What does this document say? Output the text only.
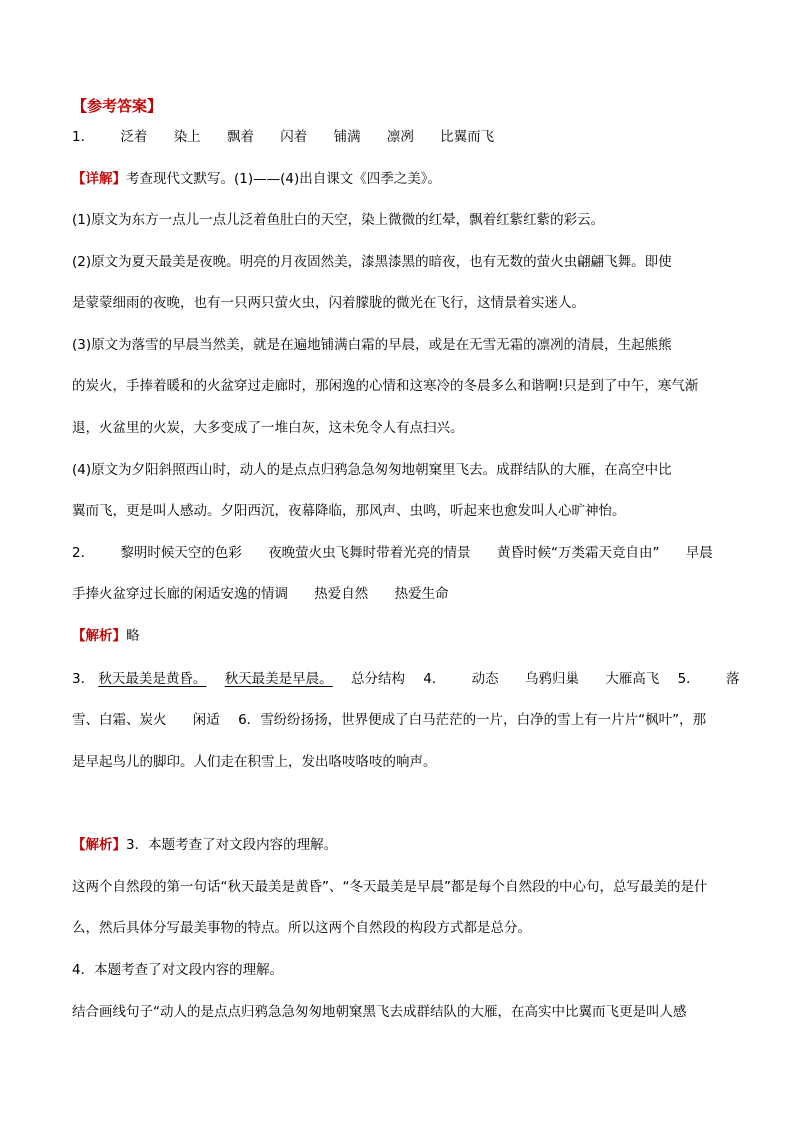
【参考答案】
1． 泛着 染上 飘着 闪着 铺满 凛冽 比翼而飞
【详解】考查现代文默写。(1)——(4)出自课文《四季之美》。
(1)原文为东方一点儿一点儿泛着鱼肚白的天空，染上微微的红晕，飘着红紫红紫的彩云。
(2)原文为夏天最美是夜晚。明亮的月夜固然美，漆黑漆黑的暗夜，也有无数的萤火虫翩翩飞舞。即使
是蒙蒙细雨的夜晚，也有一只两只萤火虫，闪着朦胧的微光在飞行，这情景着实迷人。
(3)原文为落雪的早晨当然美，就是在遍地铺满白霜的早晨，或是在无雪无霜的凛冽的清晨，生起熊熊
的炭火，手捧着暖和的火盆穿过走廊时，那闲逸的心情和这寒冷的冬晨多么和谐啊!只是到了中午，寒气渐
退，火盆里的火炭，大多变成了一堆白灰，这未免令人有点扫兴。
(4)原文为夕阳斜照西山时，动人的是点点归鸦急急匆匆地朝窠里飞去。成群结队的大雁，在高空中比
翼而飞，更是叫人感动。夕阳西沉，夜幕降临，那风声、虫鸣，听起来也愈发叫人心旷神怡。
2． 黎明时候天空的色彩 夜晚萤火虫飞舞时带着光亮的情景 黄昏时候“万类霜天竞自由” 早晨
手捧火盆穿过长廊的闲适安逸的情调 热爱自然 热爱生命
【解析】略
3． 秋天最美是黄昏。 秋天最美是早晨。 总分结构 4． 动态 乌鸦归巢 大雁高飞 5． 落
雪、白霜、炭火 闲适 6．雪纷纷扬扬，世界便成了白马茫茫的一片，白净的雪上有一片片“枫叶”，那
是早起鸟儿的脚印。人们走在积雪上，发出咯吱咯吱的响声。
【解析】3．本题考查了对文段内容的理解。
这两个自然段的第一句话“秋天最美是黄昏”、“冬天最美是早晨”都是每个自然段的中心句，总写最美的是什
么，然后具体分写最美事物的特点。所以这两个自然段的构段方式都是总分。
4．本题考查了对文段内容的理解。
结合画线句子“动人的是点点归鸦急急匆匆地朝窠黑飞去成群结队的大雁，在高实中比翼而飞更是叫人感
